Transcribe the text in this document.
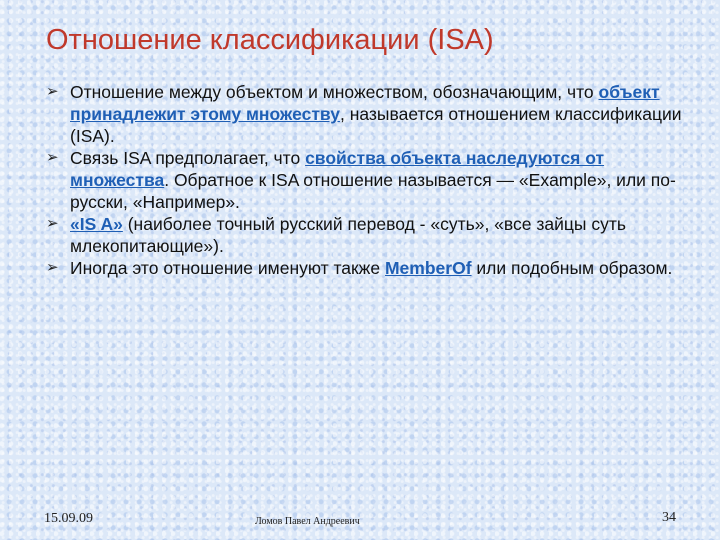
Отношение классификации (ISA)
➢ Отношение между объектом и множеством, обозначающим, что объект принадлежит этому множеству, называется отношением классификации (ISA).
➢ Связь ISA предполагает, что свойства объекта наследуются от множества. Обратное к ISA отношение называется — «Example», или по-русски, «Например».
➢ «IS A» (наиболее точный русский перевод - «суть», «все зайцы суть млекопитающие»).
➢ Иногда это отношение именуют также MemberOf или подобным образом.
15.09.09	Ломов Павел Андреевич	34
